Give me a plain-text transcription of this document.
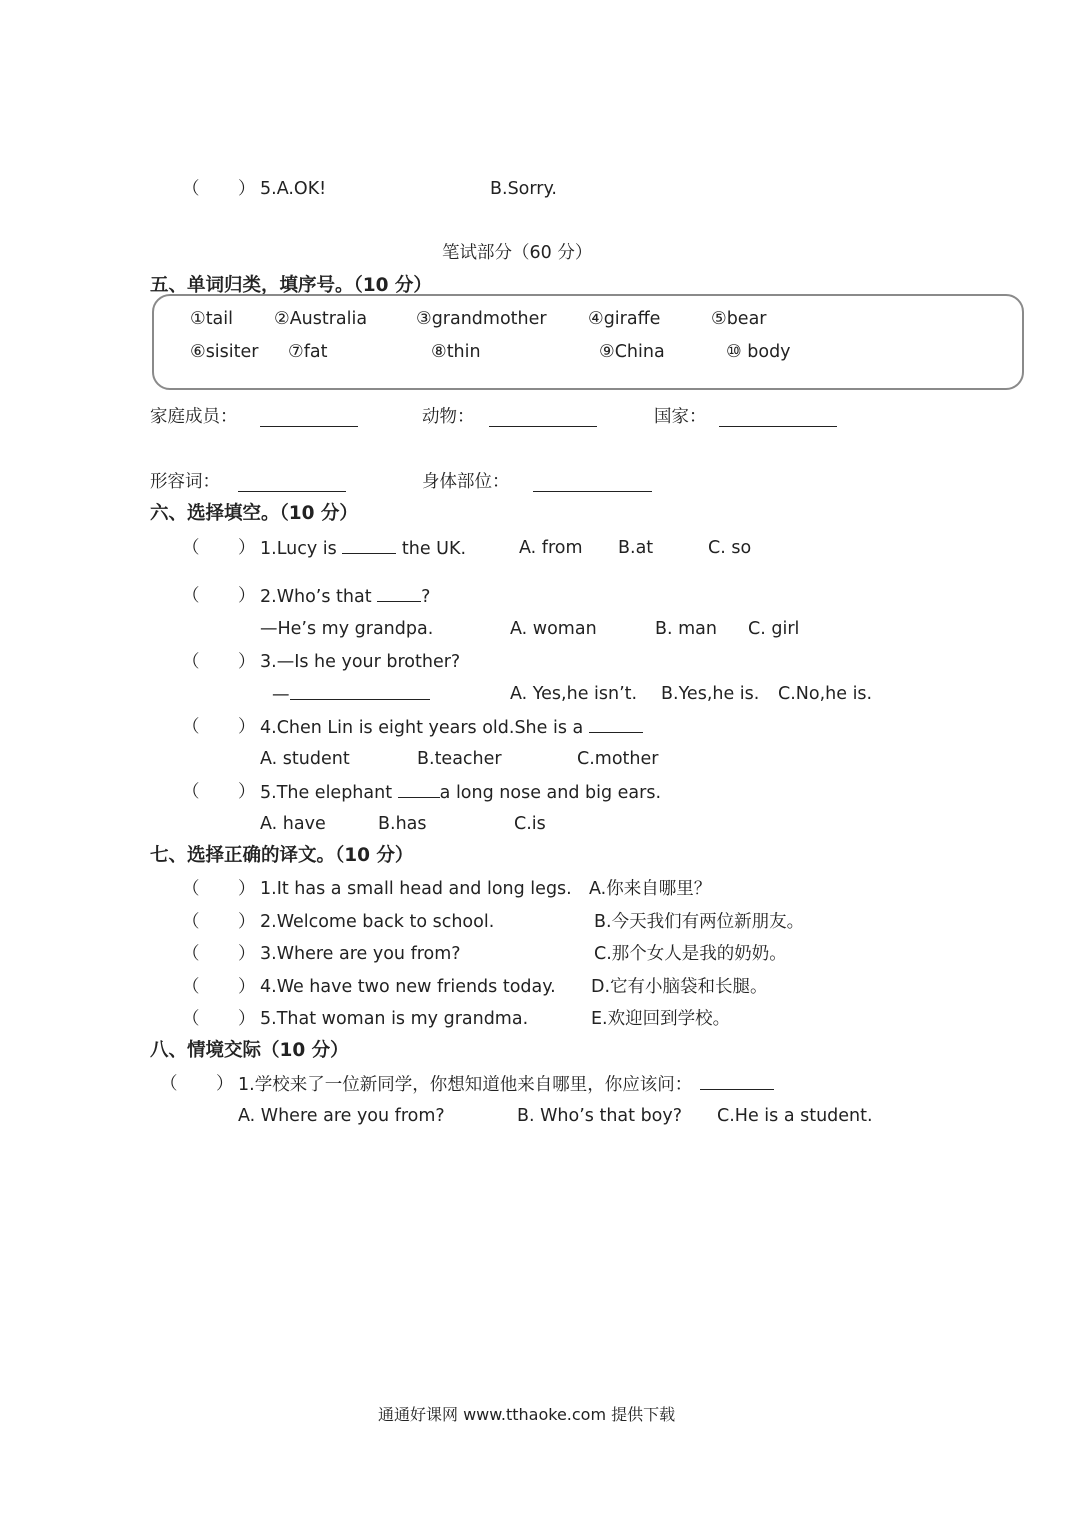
（ ） 5.A.OK!	B.Sorry.
笔试部分（60 分）
五、单词归类，填序号。（10 分）
①tail ②Australia	③grandmother ④giraffe	⑤bear
⑥sisiter ⑦fat	⑧thin	⑨China	⑩ body
家庭成员：	动物：	国家：
形容词：	身体部位：
六、选择填空。（10 分）
（ ） 1.Lucy is	the UK.	A. from B.at	C. so
（ ） 2.Who’s that	?
—He’s my grandpa.	A. woman	B. man C. girl
（ ） 3.—Is he your brother?
—	A. Yes,he isn’t. B.Yes,he is. C.No,he is.
（ ） 4.Chen Lin is eight years old.She is a
A. student	B.teacher	C.mother
（ ） 5.The elephant a long nose and big ears.
A. have	B.has	C.is
七、选择正确的译文。（10 分）
（ ） 1.It has a small head and long legs. A.你来自哪里？
（ ） 2.Welcome back to school.	B.今天我们有两位新朋友。
（ ） 3.Where are you from?	C.那个女人是我的奶奶。
（ ） 4.We have two new friends today. D.它有小脑袋和长腿。
（ ） 5.That woman is my grandma.	E.欢迎回到学校。
八、情境交际（10 分）
（ ） 1.学校来了一位新同学，你想知道他来自哪里，你应该问：
A. Where are you from?	B. Who’s that boy? C.He is a student.
通通好课网 www.tthaoke.com 提供下载
